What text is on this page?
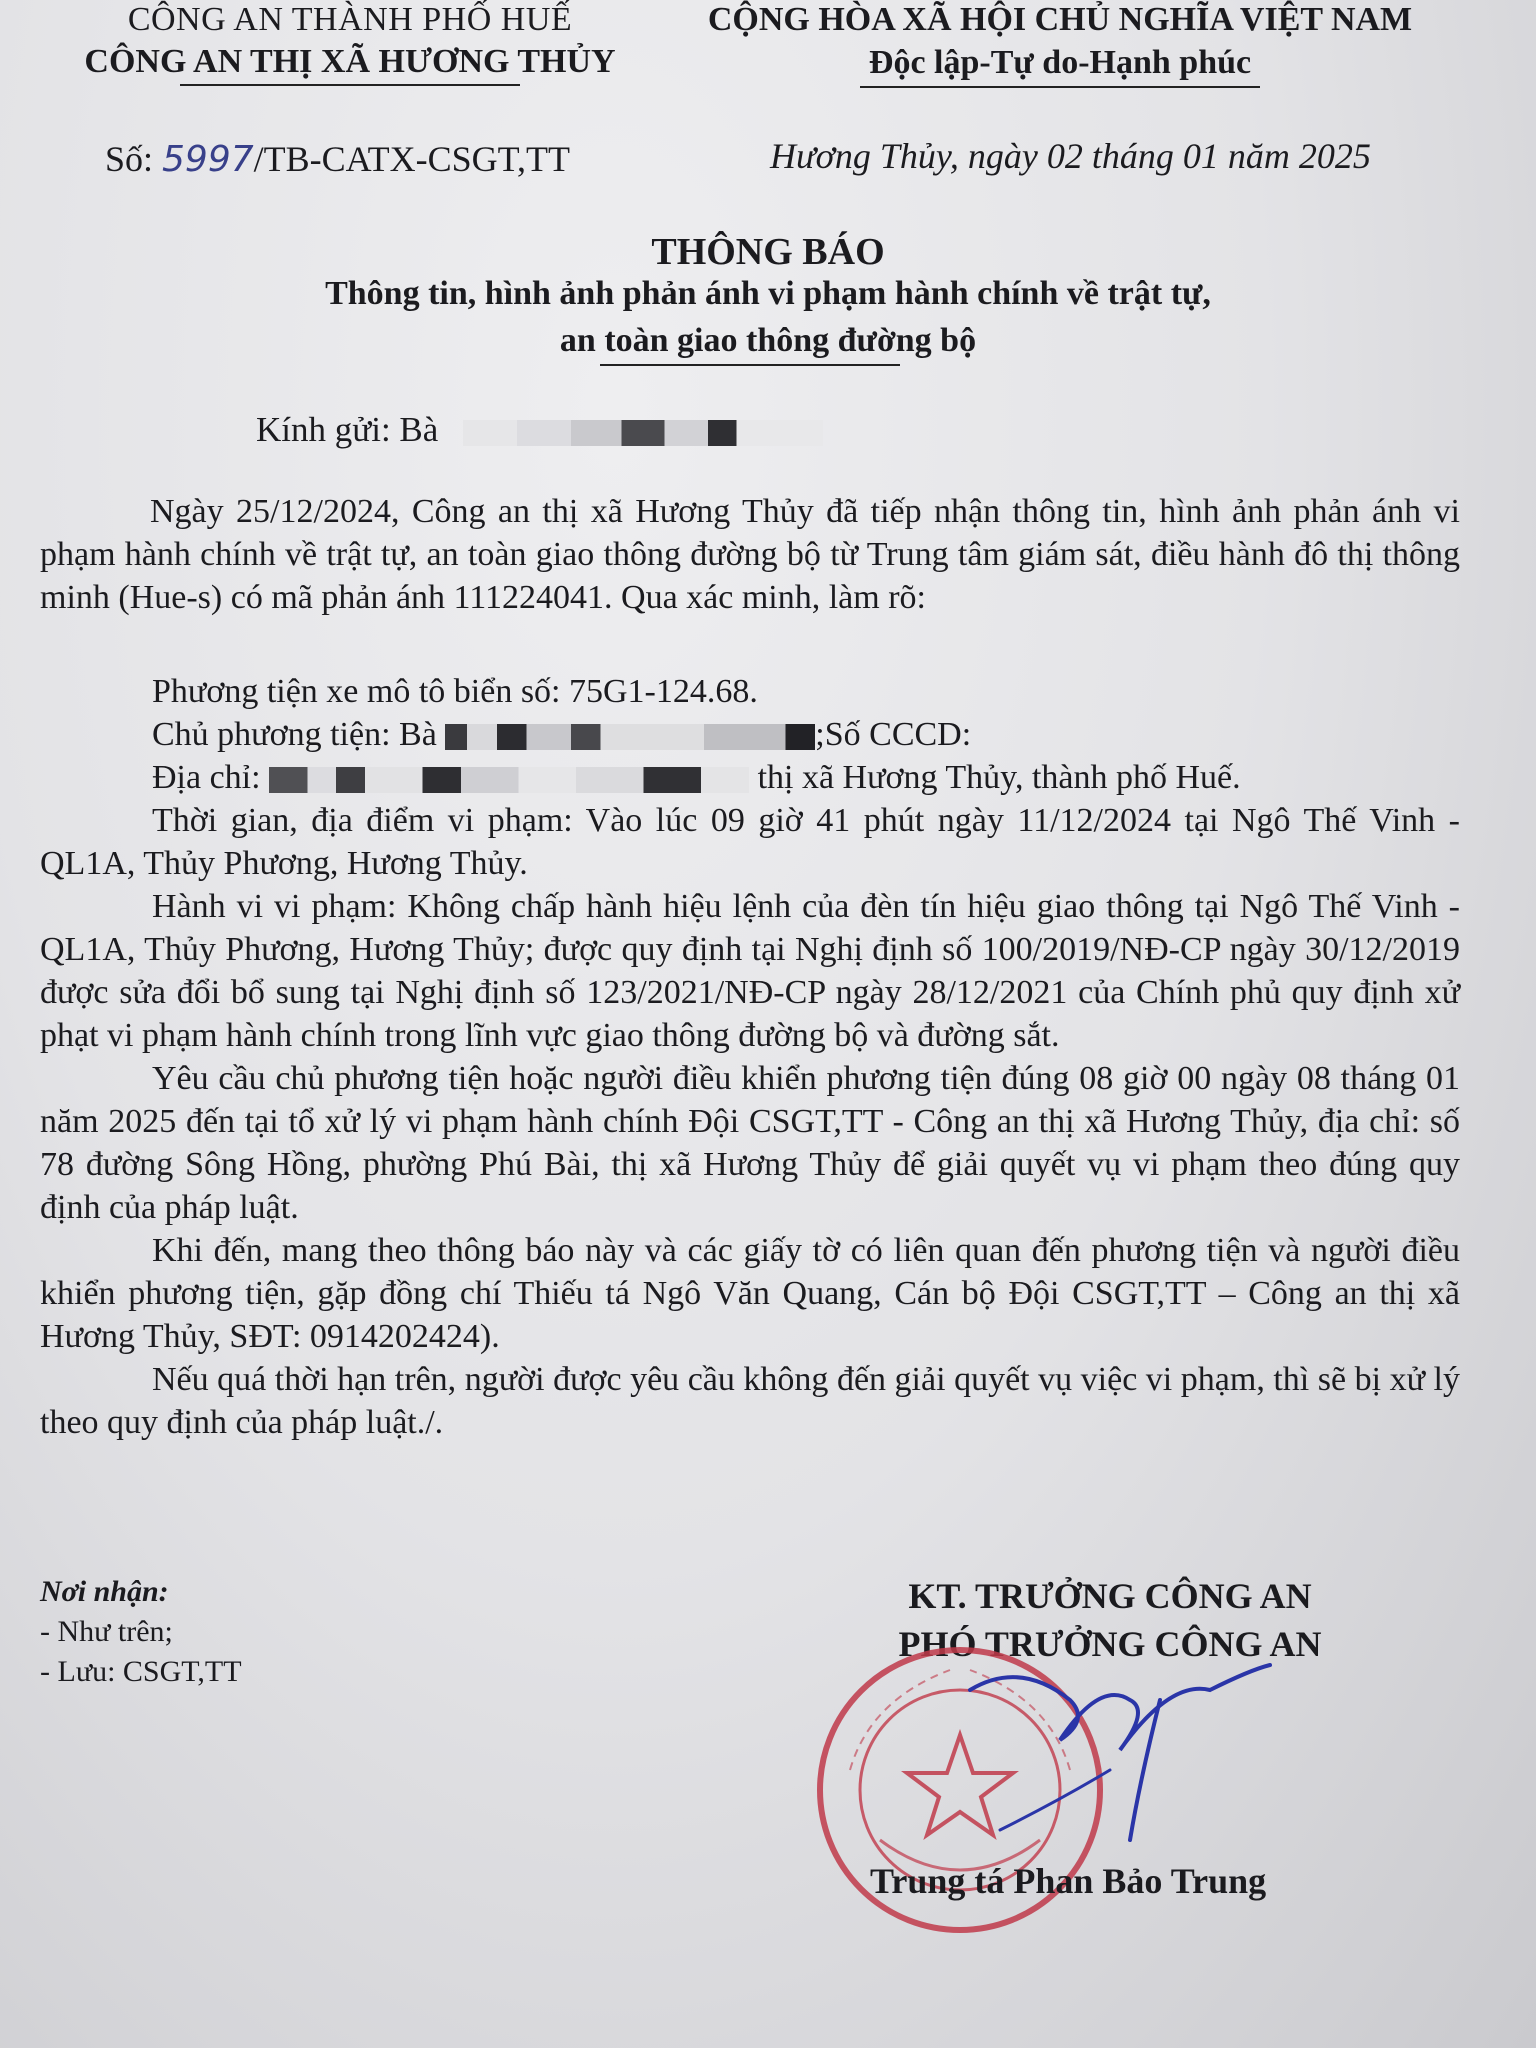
CÔNG AN THÀNH PHỐ HUẾ
CÔNG AN THỊ XÃ HƯƠNG THỦY
CỘNG HÒA XÃ HỘI CHỦ NGHĨA VIỆT NAM
Độc lập-Tự do-Hạnh phúc
Số: 5997/TB-CATX-CSGT,TT	Hương Thủy, ngày 02 tháng 01 năm 2025
THÔNG BÁO
Thông tin, hình ảnh phản ánh vi phạm hành chính về trật tự,
an toàn giao thông đường bộ
Kính gửi: Bà

Ngày 25/12/2024, Công an thị xã Hương Thủy đã tiếp nhận thông tin, hình ảnh phản ánh vi phạm hành chính về trật tự, an toàn giao thông đường bộ từ Trung tâm giám sát, điều hành đô thị thông minh (Hue-s) có mã phản ánh 111224041. Qua xác minh, làm rõ:

Phương tiện xe mô tô biển số: 75G1-124.68.

Chủ phương tiện: Bà	;Số CCCD:

Địa chỉ:	thị xã Hương Thủy, thành phố Huế.

Thời gian, địa điểm vi phạm: Vào lúc 09 giờ 41 phút ngày 11/12/2024 tại Ngô Thế Vinh - QL1A, Thủy Phương, Hương Thủy.

Hành vi vi phạm: Không chấp hành hiệu lệnh của đèn tín hiệu giao thông tại Ngô Thế Vinh - QL1A, Thủy Phương, Hương Thủy; được quy định tại Nghị định số 100/2019/NĐ-CP ngày 30/12/2019 được sửa đổi bổ sung tại Nghị định số 123/2021/NĐ-CP ngày 28/12/2021 của Chính phủ quy định xử phạt vi phạm hành chính trong lĩnh vực giao thông đường bộ và đường sắt.

Yêu cầu chủ phương tiện hoặc người điều khiển phương tiện đúng 08 giờ 00 ngày 08 tháng 01 năm 2025 đến tại tổ xử lý vi phạm hành chính Đội CSGT,TT - Công an thị xã Hương Thủy, địa chỉ: số 78 đường Sông Hồng, phường Phú Bài, thị xã Hương Thủy để giải quyết vụ vi phạm theo đúng quy định của pháp luật.

Khi đến, mang theo thông báo này và các giấy tờ có liên quan đến phương tiện và người điều khiển phương tiện, gặp đồng chí Thiếu tá Ngô Văn Quang, Cán bộ Đội CSGT,TT – Công an thị xã Hương Thủy, SĐT: 0914202424).

Nếu quá thời hạn trên, người được yêu cầu không đến giải quyết vụ việc vi phạm, thì sẽ bị xử lý theo quy định của pháp luật./.

Nơi nhận:
- Như trên;
- Lưu: CSGT,TT
KT. TRƯỞNG CÔNG AN
PHÓ TRƯỞNG CÔNG AN
Trung tá Phan Bảo Trung
